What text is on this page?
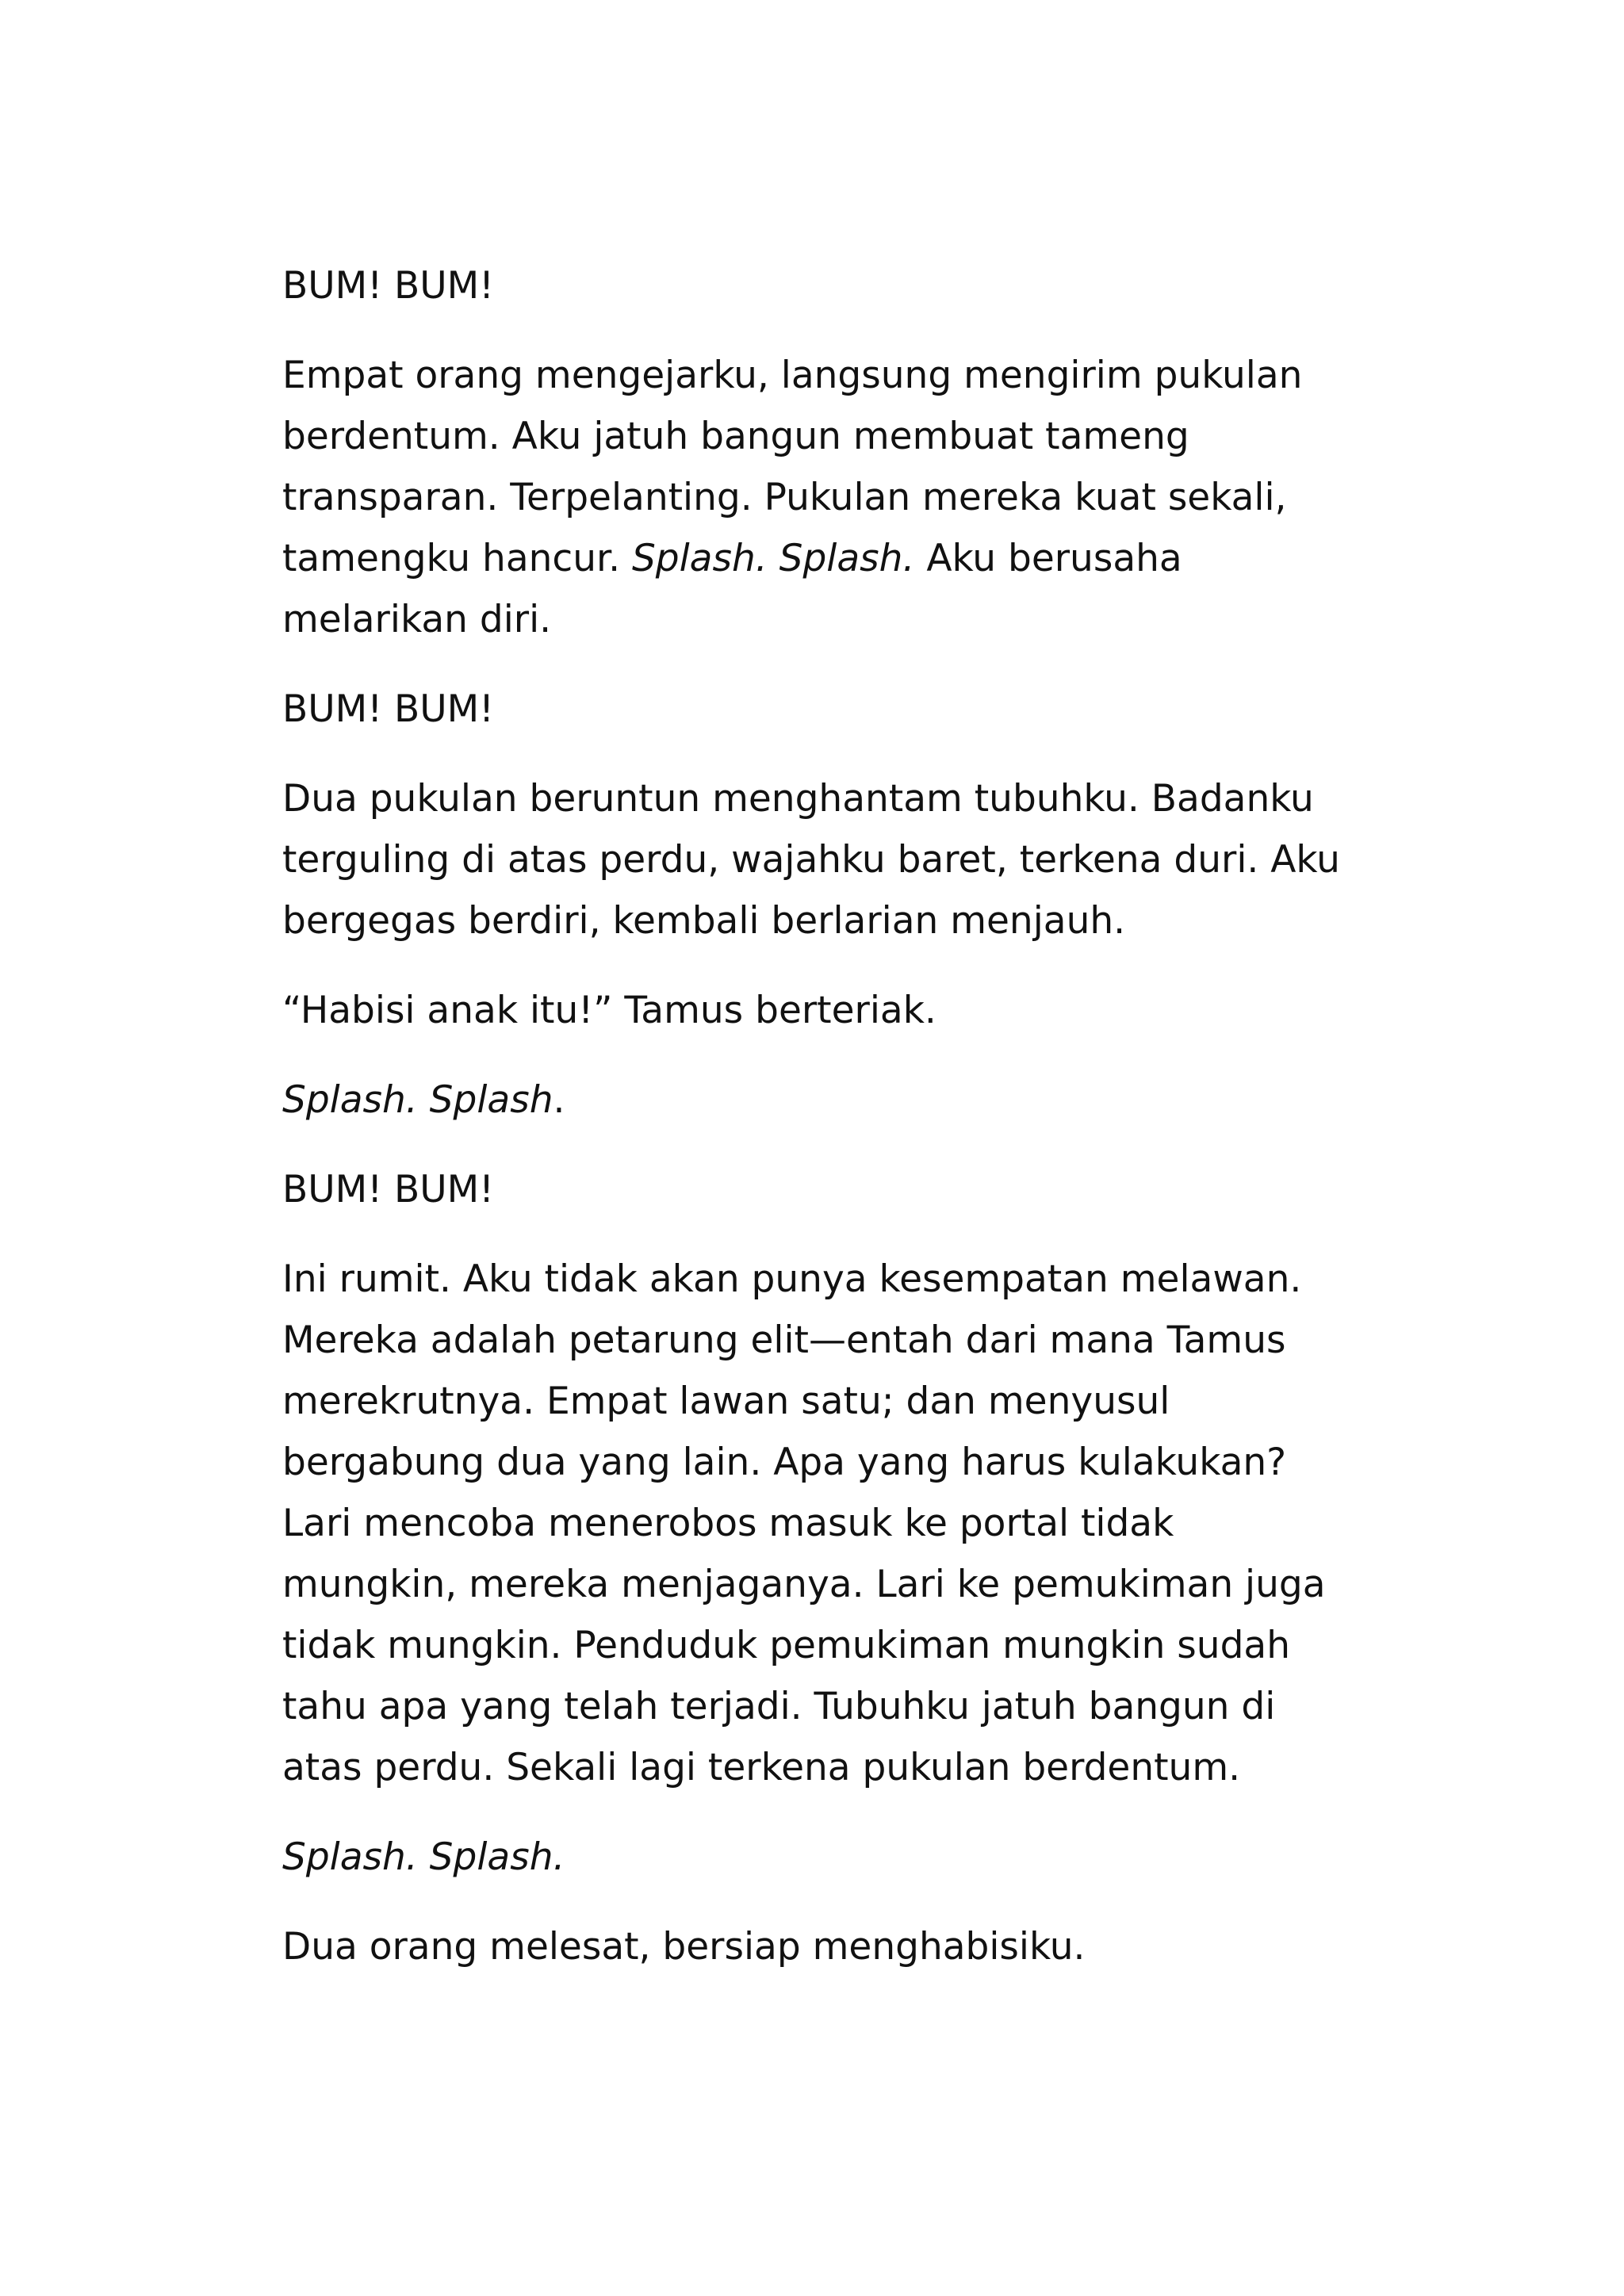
BUM! BUM!

Empat orang mengejarku, langsung mengirim pukulan
berdentum. Aku jatuh bangun membuat tameng
transparan. Terpelanting. Pukulan mereka kuat sekali,
tamengku hancur. Splash. Splash. Aku berusaha
melarikan diri.

BUM! BUM!

Dua pukulan beruntun menghantam tubuhku. Badanku
terguling di atas perdu, wajahku baret, terkena duri. Aku
bergegas berdiri, kembali berlarian menjauh.

“Habisi anak itu!” Tamus berteriak.

Splash. Splash.

BUM! BUM!

Ini rumit. Aku tidak akan punya kesempatan melawan.
Mereka adalah petarung elit—entah dari mana Tamus
merekrutnya. Empat lawan satu; dan menyusul
bergabung dua yang lain. Apa yang harus kulakukan?
Lari mencoba menerobos masuk ke portal tidak
mungkin, mereka menjaganya. Lari ke pemukiman juga
tidak mungkin. Penduduk pemukiman mungkin sudah
tahu apa yang telah terjadi. Tubuhku jatuh bangun di
atas perdu. Sekali lagi terkena pukulan berdentum.

Splash. Splash.

Dua orang melesat, bersiap menghabisiku.
